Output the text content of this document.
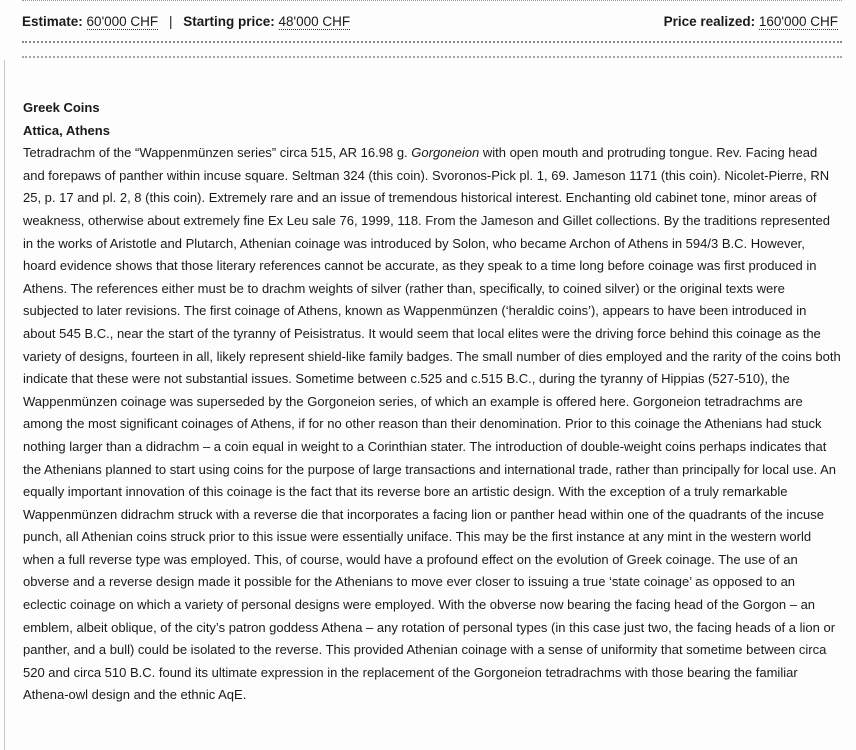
Estimate: 60'000 CHF | Starting price: 48'000 CHF	Price realized: 160'000 CHF
Greek Coins
Attica, Athens

Tetradrachm of the “Wappenmünzen series” circa 515, AR 16.98 g. Gorgoneion with open mouth and protruding tongue. Rev. Facing head and forepaws of panther within incuse square. Seltman 324 (this coin). Svoronos-Pick pl. 1, 69. Jameson 1171 (this coin). Nicolet-Pierre, RN 25, p. 17 and pl. 2, 8 (this coin). Extremely rare and an issue of tremendous historical interest. Enchanting old cabinet tone, minor areas of weakness, otherwise about extremely fine Ex Leu sale 76, 1999, 118. From the Jameson and Gillet collections. By the traditions represented in the works of Aristotle and Plutarch, Athenian coinage was introduced by Solon, who became Archon of Athens in 594/3 B.C. However, hoard evidence shows that those literary references cannot be accurate, as they speak to a time long before coinage was first produced in Athens. The references either must be to drachm weights of silver (rather than, specifically, to coined silver) or the original texts were subjected to later revisions. The first coinage of Athens, known as Wappenmünzen (‘heraldic coins’), appears to have been introduced in about 545 B.C., near the start of the tyranny of Peisistratus. It would seem that local elites were the driving force behind this coinage as the variety of designs, fourteen in all, likely represent shield-like family badges. The small number of dies employed and the rarity of the coins both indicate that these were not substantial issues. Sometime between c.525 and c.515 B.C., during the tyranny of Hippias (527-510), the Wappenmünzen coinage was superseded by the Gorgoneion series, of which an example is offered here. Gorgoneion tetradrachms are among the most significant coinages of Athens, if for no other reason than their denomination. Prior to this coinage the Athenians had stuck nothing larger than a didrachm – a coin equal in weight to a Corinthian stater. The introduction of double-weight coins perhaps indicates that the Athenians planned to start using coins for the purpose of large transactions and international trade, rather than principally for local use. An equally important innovation of this coinage is the fact that its reverse bore an artistic design. With the exception of a truly remarkable Wappenmünzen didrachm struck with a reverse die that incorporates a facing lion or panther head within one of the quadrants of the incuse punch, all Athenian coins struck prior to this issue were essentially uniface. This may be the first instance at any mint in the western world when a full reverse type was employed. This, of course, would have a profound effect on the evolution of Greek coinage. The use of an obverse and a reverse design made it possible for the Athenians to move ever closer to issuing a true ‘state coinage’ as opposed to an eclectic coinage on which a variety of personal designs were employed. With the obverse now bearing the facing head of the Gorgon – an emblem, albeit oblique, of the city’s patron goddess Athena – any rotation of personal types (in this case just two, the facing heads of a lion or panther, and a bull) could be isolated to the reverse. This provided Athenian coinage with a sense of uniformity that sometime between circa 520 and circa 510 B.C. found its ultimate expression in the replacement of the Gorgoneion tetradrachms with those bearing the familiar Athena-owl design and the ethnic AqE.
